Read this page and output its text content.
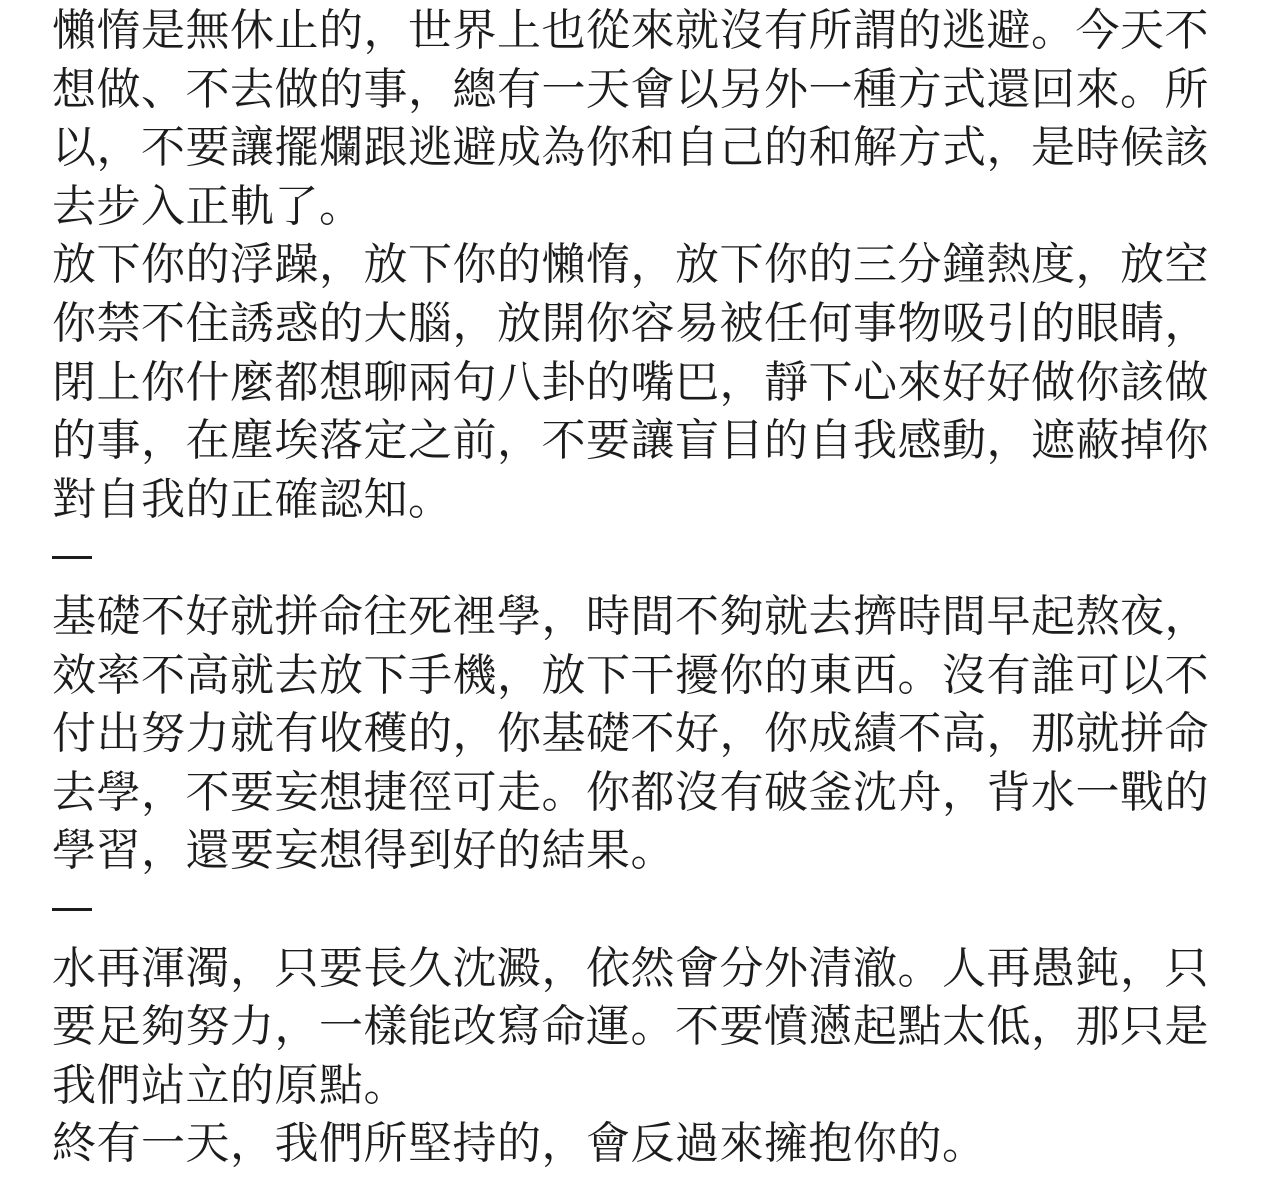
懶惰是無休止的，世界上也從來就沒有所謂的逃避。今天不
想做、不去做的事，總有一天會以另外一種方式還回來。所
以，不要讓擺爛跟逃避成為你和自己的和解方式，是時候該
去步入正軌了。
放下你的浮躁，放下你的懶惰，放下你的三分鐘熱度，放空
你禁不住誘惑的大腦，放開你容易被任何事物吸引的眼睛，
閉上你什麼都想聊兩句八卦的嘴巴，靜下心來好好做你該做
的事，在塵埃落定之前，不要讓盲目的自我感動，遮蔽掉你
對自我的正確認知。
基礎不好就拼命往死裡學，時間不夠就去擠時間早起熬夜，
效率不高就去放下手機，放下干擾你的東西。沒有誰可以不
付出努力就有收穫的，你基礎不好，你成績不高，那就拼命
去學，不要妄想捷徑可走。你都沒有破釜沈舟，背水一戰的
學習，還要妄想得到好的結果。
水再渾濁，只要長久沈澱，依然會分外清澈。人再愚鈍，只
要足夠努力，一樣能改寫命運。不要憤懣起點太低，那只是
我們站立的原點。
終有一天，我們所堅持的，會反過來擁抱你的。
